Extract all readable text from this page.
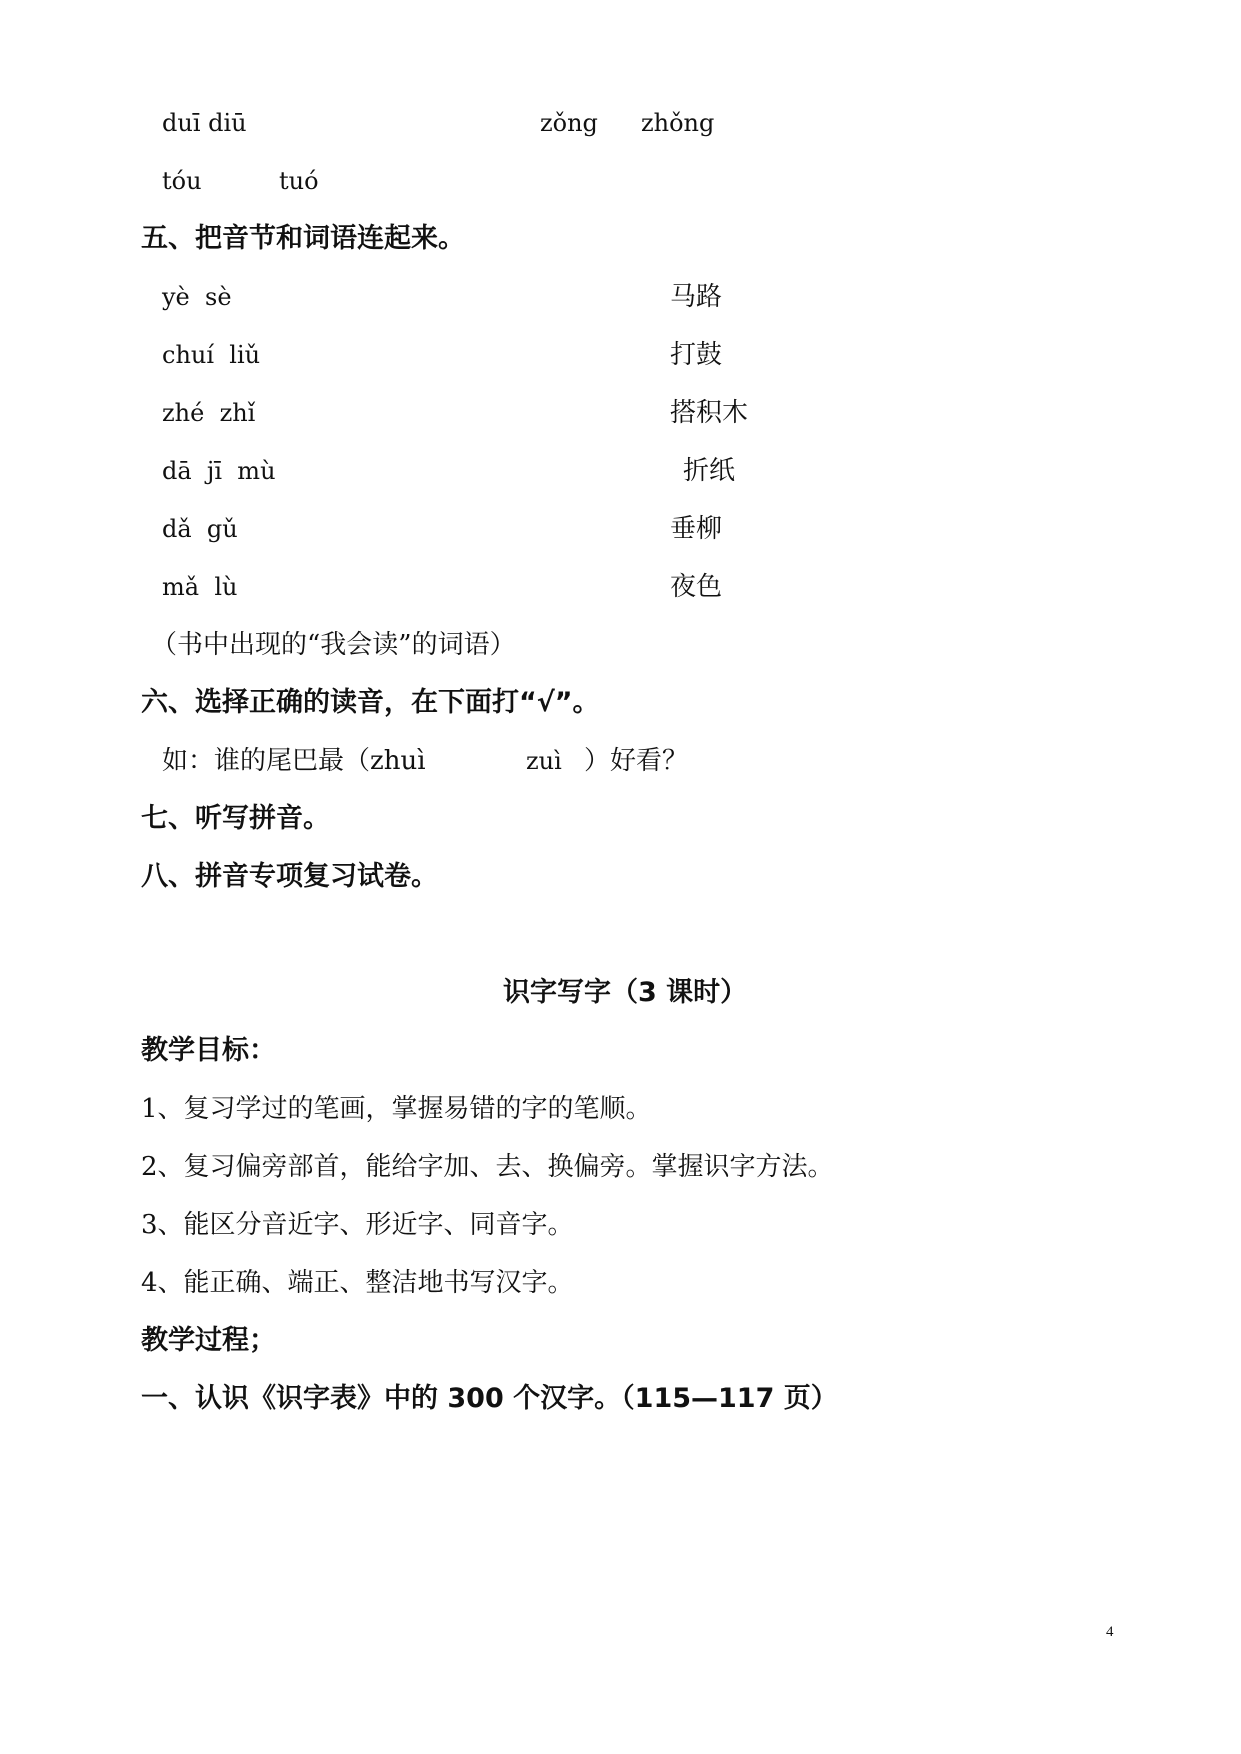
duī diū	zǒng zhǒng
tóu	tuó
五、把音节和词语连起来。
yè  sè	马路
chuí  liǔ	打鼓
zhé  zhǐ	搭积木
dā  jī  mù	折纸
dǎ  gǔ	垂柳
mǎ  lù	夜色
（书中出现的“我会读”的词语）
六、选择正确的读音，在下面打“√”。
如：谁的尾巴最（zhuì	zuì ）好看？
七、听写拼音。
八、拼音专项复习试卷。
识字写字（3 课时）
教学目标：
1、复习学过的笔画，掌握易错的字的笔顺。
2、复习偏旁部首，能给字加、去、换偏旁。掌握识字方法。
3、能区分音近字、形近字、同音字。
4、能正确、端正、整洁地书写汉字。
教学过程；
一、认识《识字表》中的 300 个汉字。（115—117 页）
4
